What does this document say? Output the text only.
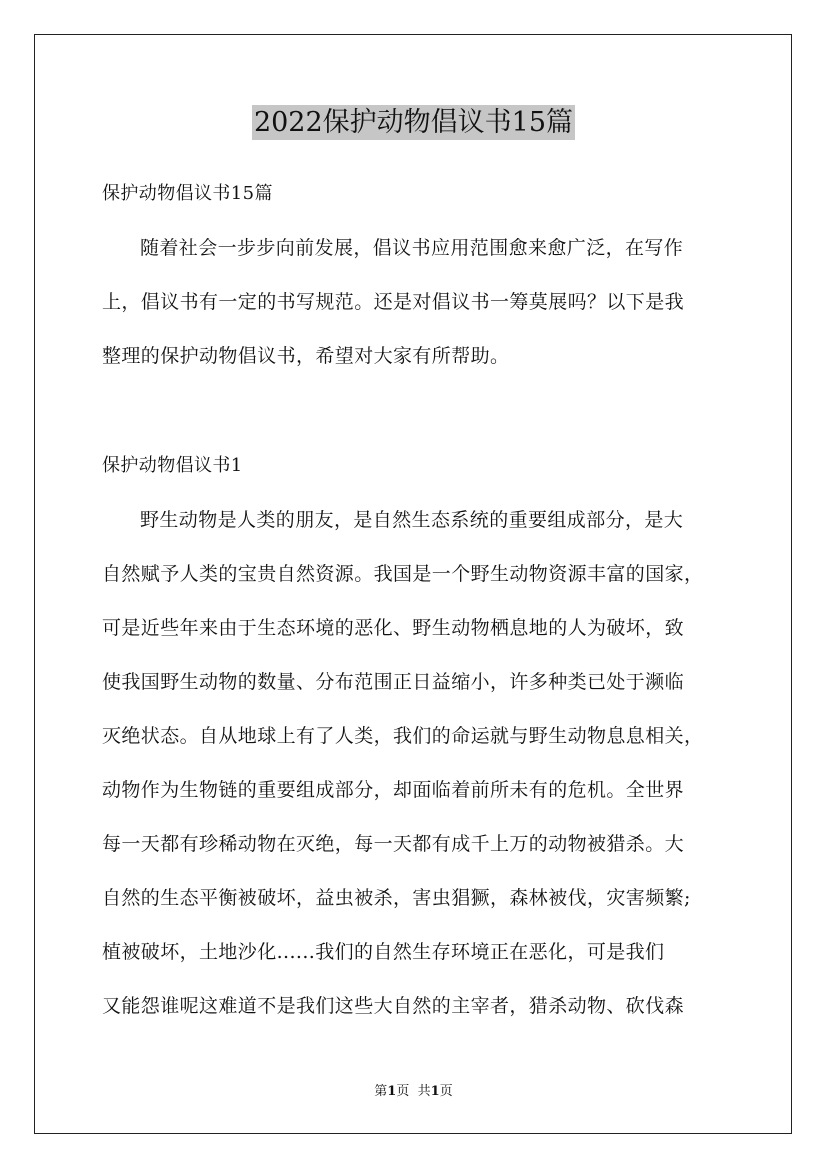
2022保护动物倡议书15篇
保护动物倡议书15篇
随着社会一步步向前发展，倡议书应用范围愈来愈广泛，在写作
上，倡议书有一定的书写规范。还是对倡议书一筹莫展吗？以下是我
整理的保护动物倡议书，希望对大家有所帮助。
保护动物倡议书1
野生动物是人类的朋友，是自然生态系统的重要组成部分，是大
自然赋予人类的宝贵自然资源。我国是一个野生动物资源丰富的国家，
可是近些年来由于生态环境的恶化、野生动物栖息地的人为破坏，致
使我国野生动物的数量、分布范围正日益缩小，许多种类已处于濒临
灭绝状态。自从地球上有了人类，我们的命运就与野生动物息息相关，
动物作为生物链的重要组成部分，却面临着前所未有的危机。全世界
每一天都有珍稀动物在灭绝，每一天都有成千上万的动物被猎杀。大
自然的生态平衡被破坏，益虫被杀，害虫猖獗，森林被伐，灾害频繁;
植被破坏，土地沙化......我们的自然生存环境正在恶化，可是我们
又能怨谁呢这难道不是我们这些大自然的主宰者，猎杀动物、砍伐森
第1页 共1页
